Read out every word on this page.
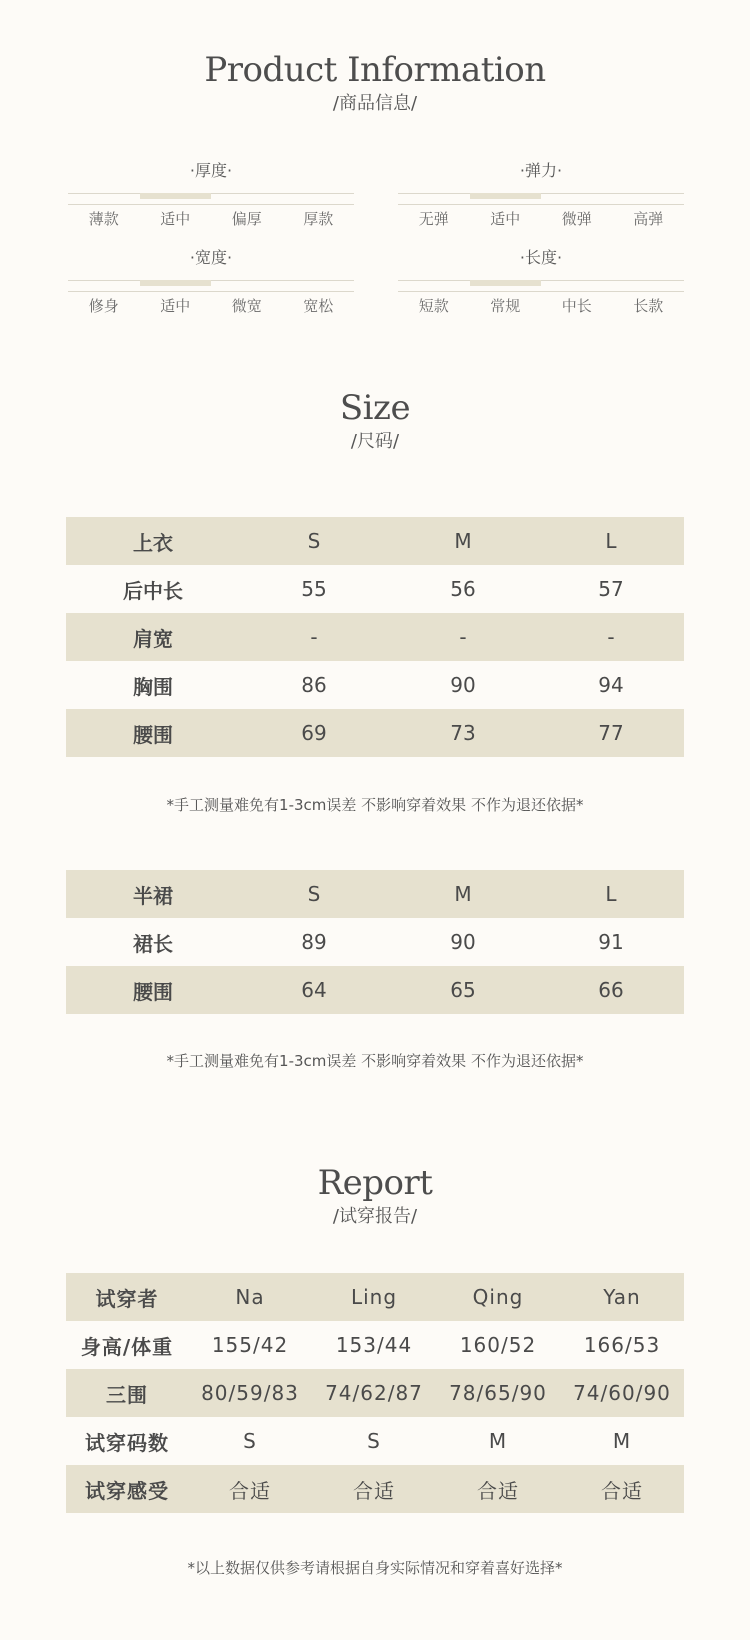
Product Information
/商品信息/
·厚度·
薄款	适中	偏厚	厚款
·弹力·
无弹	适中	微弹	高弹
·宽度·
修身	适中	微宽	宽松
·长度·
短款	常规	中长	长款
Size
/尺码/
上衣	S	M	L
后中长	55	56	57
肩宽	-	-	-
胸围	86	90	94
腰围	69	73	77
*手工测量难免有1-3cm误差 不影响穿着效果 不作为退还依据*
半裙	S	M	L
裙长	89	90	91
腰围	64	65	66
*手工测量难免有1-3cm误差 不影响穿着效果 不作为退还依据*
Report
/试穿报告/
试穿者	Na	Ling	Qing	Yan
身高/体重	155/42	153/44	160/52	166/53
三围	80/59/83	74/62/87	78/65/90	74/60/90
试穿码数	S	S	M	M
试穿感受	合适	合适	合适	合适
*以上数据仅供参考请根据自身实际情况和穿着喜好选择*
